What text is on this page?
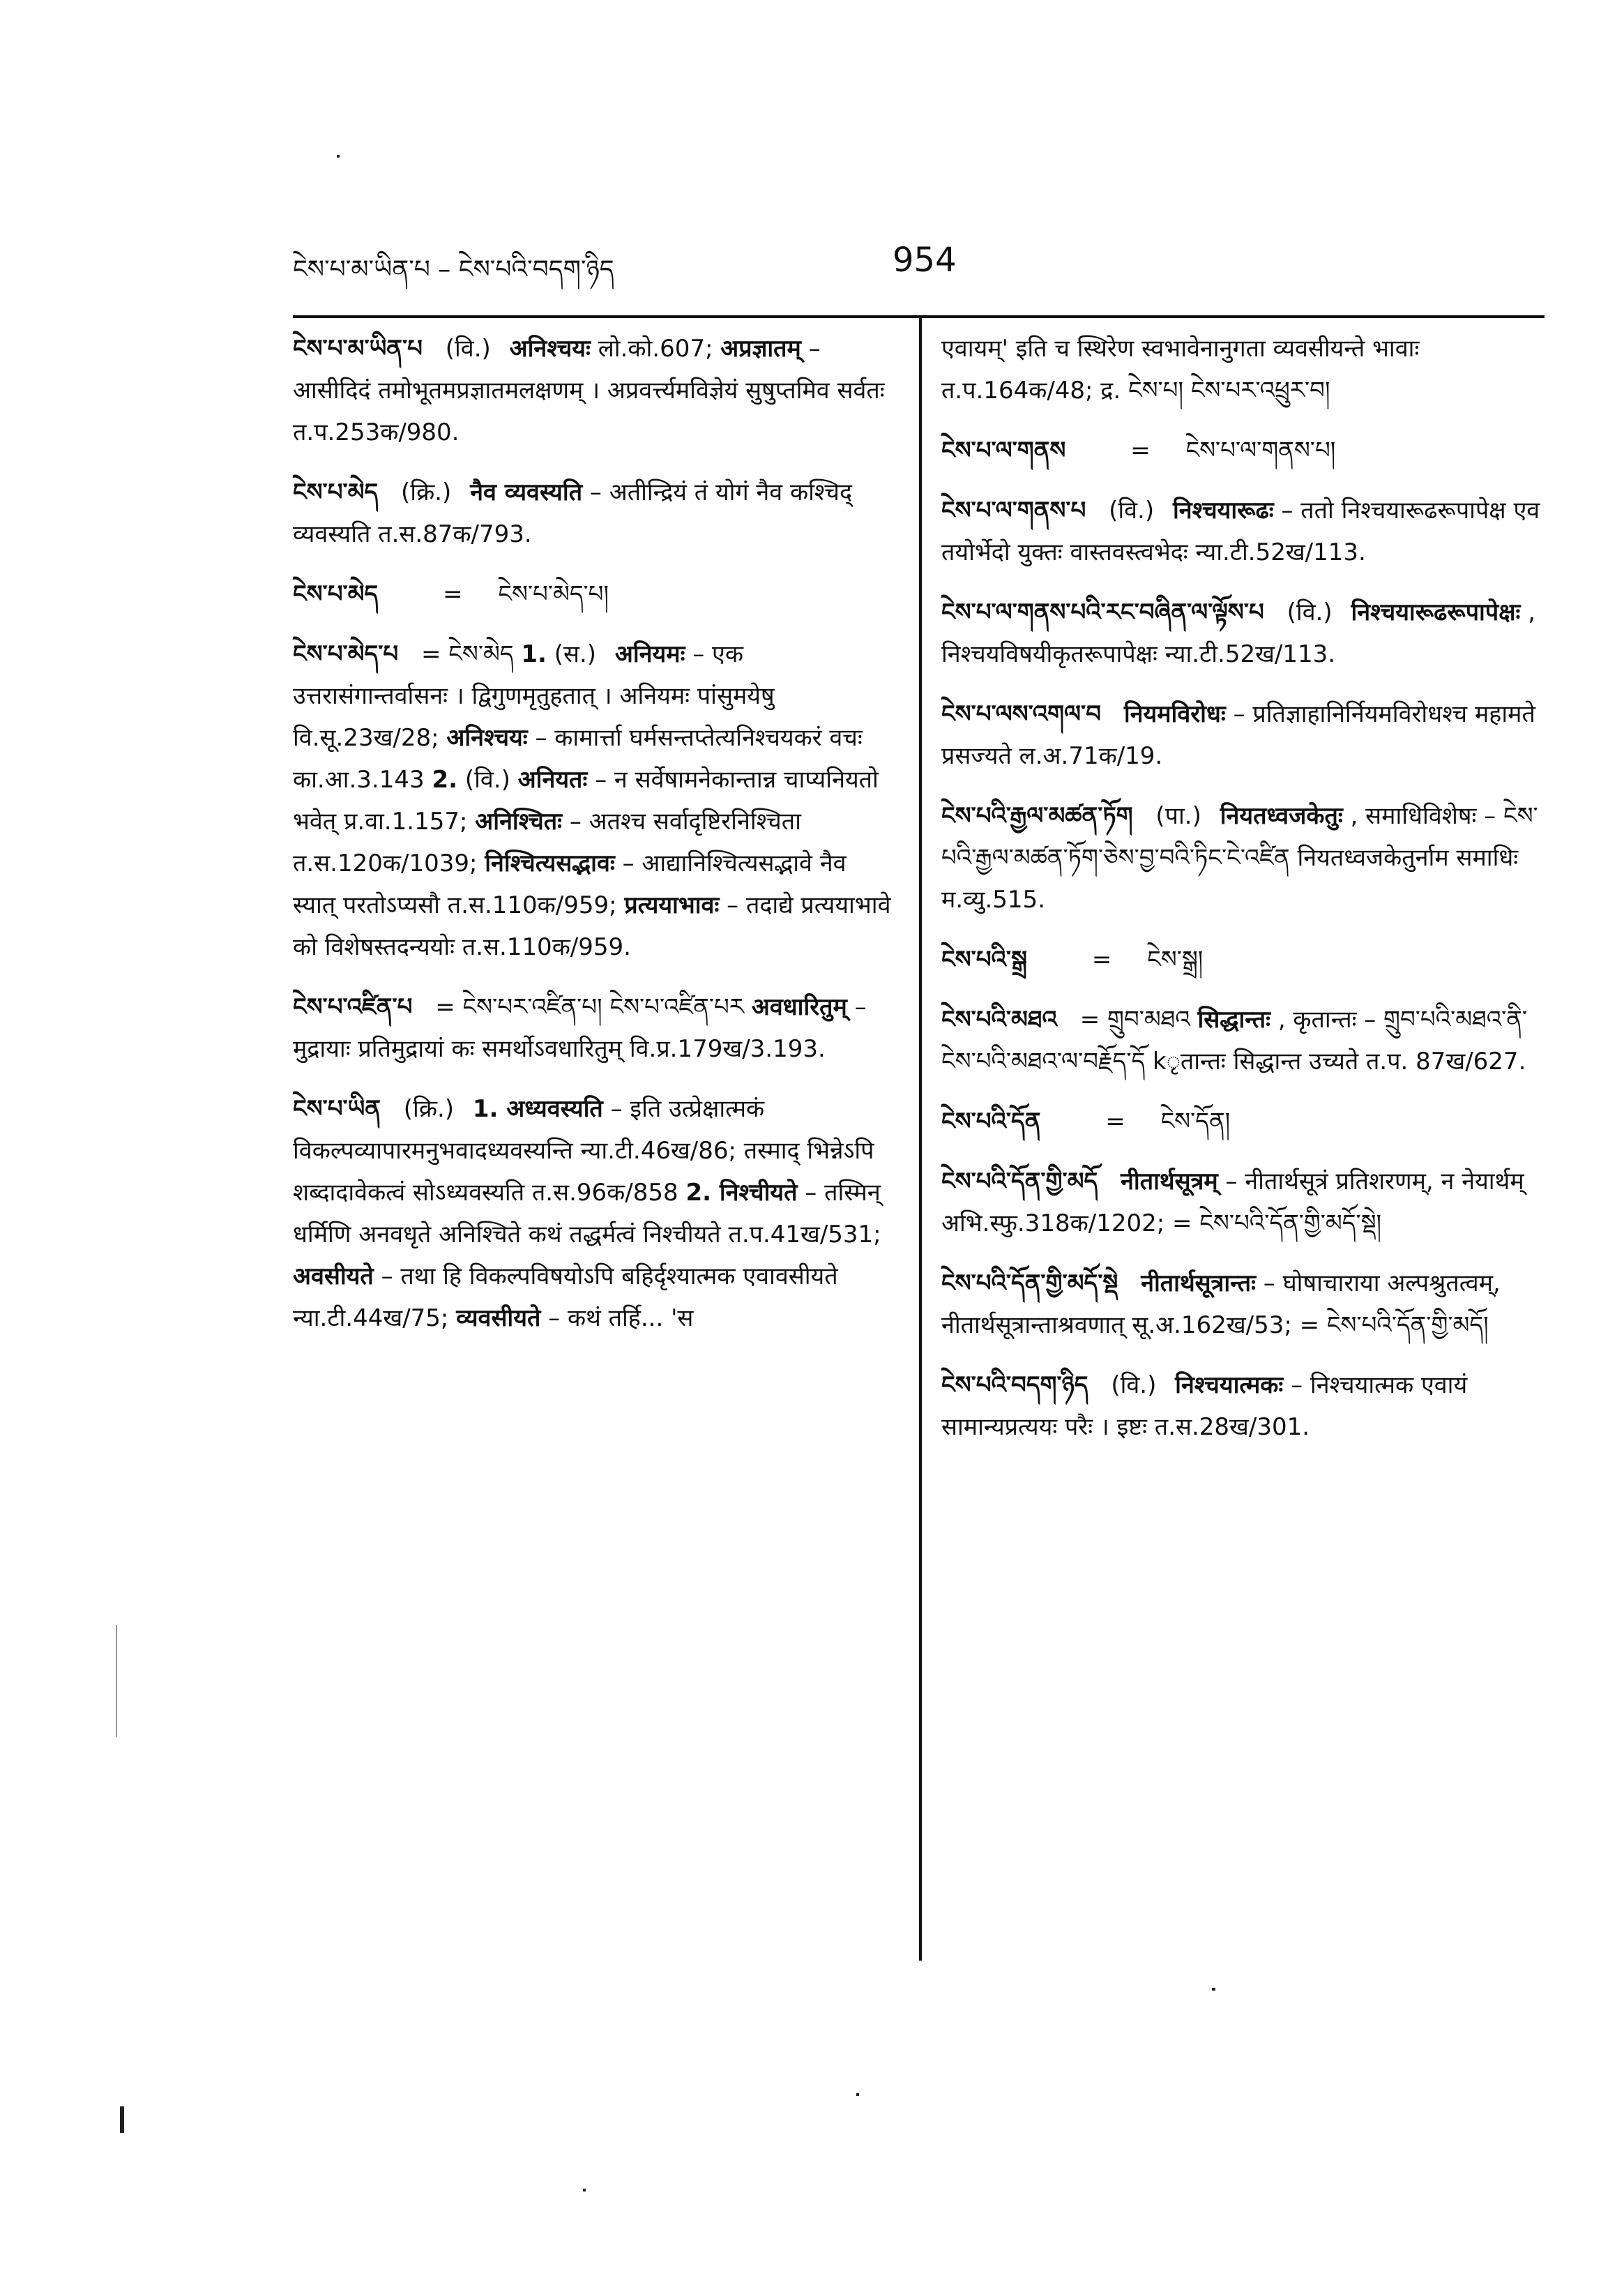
ངེས་པ་མ་ཡིན་པ – ངེས་པའི་བདག་ཉིད	954
ངེས་པ་མ་ཡིན་པ (वि.) अनिश्चयः लो.को.607; अप्रज्ञातम् – आसीदिदं तमोभूतमप्रज्ञातमलक्षणम् । अप्रवर्त्त्यमविज्ञेयं सुषुप्तमिव सर्वतः त.प.253क/980.
ངེས་པ་མེད (क्रि.) नैव व्यवस्यति – अतीन्द्रियं तं योगं नैव कश्चिद् व्यवस्यति त.स.87क/793.
ངེས་པ་མེད	= ངེས་པ་མེད་པ།
ངེས་པ་མེད་པ = ངེས་མེད 1. (स.) अनियमः – एक उत्तरासंगान्तर्वासनः । द्विगुणमृतुहतात् । अनियमः पांसुमयेषु वि.सू.23ख/28; अनिश्चयः – कामार्त्ता घर्मसन्तप्तेत्यनिश्चयकरं वचः का.आ.3.143 2. (वि.) अनियतः – न सर्वेषामनेकान्तान्न चाप्यनियतो भवेत् प्र.वा.1.157; अनिश्चितः – अतश्च सर्वादृष्टिरनिश्चिता त.स.120क/1039; निश्चित्यसद्भावः – आद्यानिश्चित्यसद्भावे नैव स्यात् परतोऽप्यसौ त.स.110क/959; प्रत्ययाभावः – तदाद्ये प्रत्ययाभावे को विशेषस्तदन्ययोः त.स.110क/959.
ངེས་པ་འཛིན་པ = ངེས་པར་འཛིན་པ། ངེས་པ་འཛིན་པར अवधारितुम् – मुद्रायाः प्रतिमुद्रायां कः समर्थोऽवधारितुम् वि.प्र.179ख/3.193.
ངེས་པ་ཡིན (क्रि.) 1. अध्यवस्यति – इति उत्प्रेक्षात्मकं विकल्पव्यापारमनुभवादध्यवस्यन्ति न्या.टी.46ख/86; तस्माद् भिन्नेऽपि शब्दादावेकत्वं सोऽध्यवस्यति त.स.96क/858 2. निश्चीयते – तस्मिन् धर्मिणि अनवधृते अनिश्चिते कथं तद्धर्मत्वं निश्चीयते त.प.41ख/531; अवसीयते – तथा हि विकल्पविषयोऽपि बहिर्दृश्यात्मक एवावसीयते न्या.टी.44ख/75; व्यवसीयते – कथं तर्हि... 'स
एवायम्' इति च स्थिरेण स्वभावेनानुगता व्यवसीयन्ते भावाः त.प.164क/48; द्र. ངེས་པ། ངེས་པར་འཕྲུར་བ།
ངེས་པ་ལ་གནས	= ངེས་པ་ལ་གནས་པ།
ངེས་པ་ལ་གནས་པ (वि.) निश्चयारूढः – ततो निश्चयारूढरूपापेक्ष एव तयोर्भेदो युक्तः वास्तवस्त्वभेदः न्या.टी.52ख/113.
ངེས་པ་ལ་གནས་པའི་རང་བཞིན་ལ་ལྟོས་པ (वि.) निश्चयारूढरूपापेक्षः , निश्चयविषयीकृतरूपापेक्षः न्या.टी.52ख/113.
ངེས་པ་ལས་འགལ་བ नियमविरोधः – प्रतिज्ञाहानिर्नियमविरोधश्च महामते प्रसज्यते ल.अ.71क/19.
ངེས་པའི་རྒྱལ་མཚན་ཏོག (पा.) नियतध्वजकेतुः , समाधिविशेषः – ངེས་པའི་རྒྱལ་མཚན་ཏོག་ཅེས་བྱ་བའི་ཏིང་ངེ་འཛིན नियतध्वजकेतुर्नाम समाधिः म.व्यु.515.
ངེས་པའི་སྒྲ	= ངེས་སྒྲ།
ངེས་པའི་མཐའ = གྲུབ་མཐའ सिद्धान्तः , कृतान्तः – གྲུབ་པའི་མཐའ་ནི་ངེས་པའི་མཐའ་ལ་བརྗོད་དོ kृतान्तः सिद्धान्त उच्यते त.प. 87ख/627.
ངེས་པའི་དོན	= ངེས་དོན།
ངེས་པའི་དོན་གྱི་མདོ नीतार्थसूत्रम् – नीतार्थसूत्रं प्रतिशरणम्, न नेयार्थम् अभि.स्फु.318क/1202; = ངེས་པའི་དོན་གྱི་མདོ་སྡེ།
ངེས་པའི་དོན་གྱི་མདོ་སྡེ नीतार्थसूत्रान्तः – घोषाचाराया अल्पश्रुतत्वम्, नीतार्थसूत्रान्ताश्रवणात् सू.अ.162ख/53; = ངེས་པའི་དོན་གྱི་མདོ།
ངེས་པའི་བདག་ཉིད (वि.) निश्चयात्मकः – निश्चयात्मक एवायं सामान्यप्रत्ययः परैः । इष्टः त.स.28ख/301.
